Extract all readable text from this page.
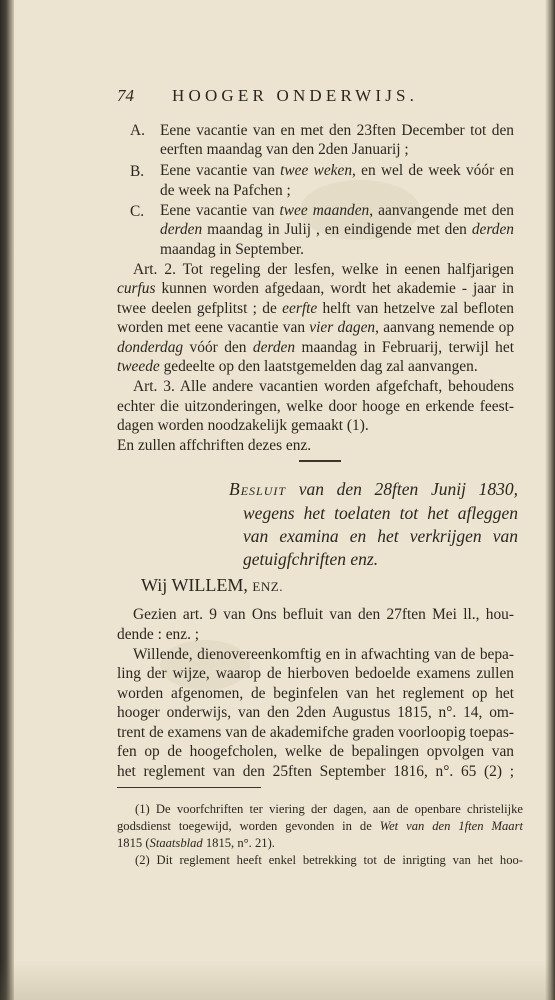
74 HOOGER ONDERWIJS.
A. Eene vacantie van en met den 23ften December tot den
eerften maandag van den 2den Januarij ;
B. Eene vacantie van twee weken, en wel de week vóór en
de week na Pafchen ;
C. Eene vacantie van twee maanden, aanvangende met den
derden maandag in Julij , en eindigende met den derden
maandag in September.
Art. 2. Tot regeling der lesfen, welke in eenen halfjarigen
curfus kunnen worden afgedaan, wordt het akademie - jaar in
twee deelen gefplitst ; de eerfte helft van hetzelve zal befloten
worden met eene vacantie van vier dagen, aanvang nemende op
donderdag vóór den derden maandag in Februarij, terwijl het
tweede gedeelte op den laatstgemelden dag zal aanvangen.
Art. 3. Alle andere vacantien worden afgefchaft, behoudens
echter die uitzonderingen, welke door hooge en erkende feest-
dagen worden noodzakelijk gemaakt (1).
En zullen affchriften dezes enz.
Besluit van den 28ften Junij 1830,
wegens het toelaten tot het afleggen
van examina en het verkrijgen van
getuigfchriften enz.
Wij WILLEM, ENZ.
Gezien art. 9 van Ons befluit van den 27ften Mei ll., hou-
dende : enz. ;
Willende, dienovereenkomftig en in afwachting van de bepa-
ling der wijze, waarop de hierboven bedoelde examens zullen
worden afgenomen, de beginfelen van het reglement op het
hooger onderwijs, van den 2den Augustus 1815, n°. 14, om-
trent de examens van de akademifche graden voorloopig toepas-
fen op de hoogefcholen, welke de bepalingen opvolgen van
het reglement van den 25ften September 1816, n°. 65 (2) ;
(1) De voorfchriften ter viering der dagen, aan de openbare christelijke
godsdienst toegewijd, worden gevonden in de Wet van den 1ften Maart
1815 (Staatsblad 1815, n°. 21).
(2) Dit reglement heeft enkel betrekking tot de inrigting van het hoo-
